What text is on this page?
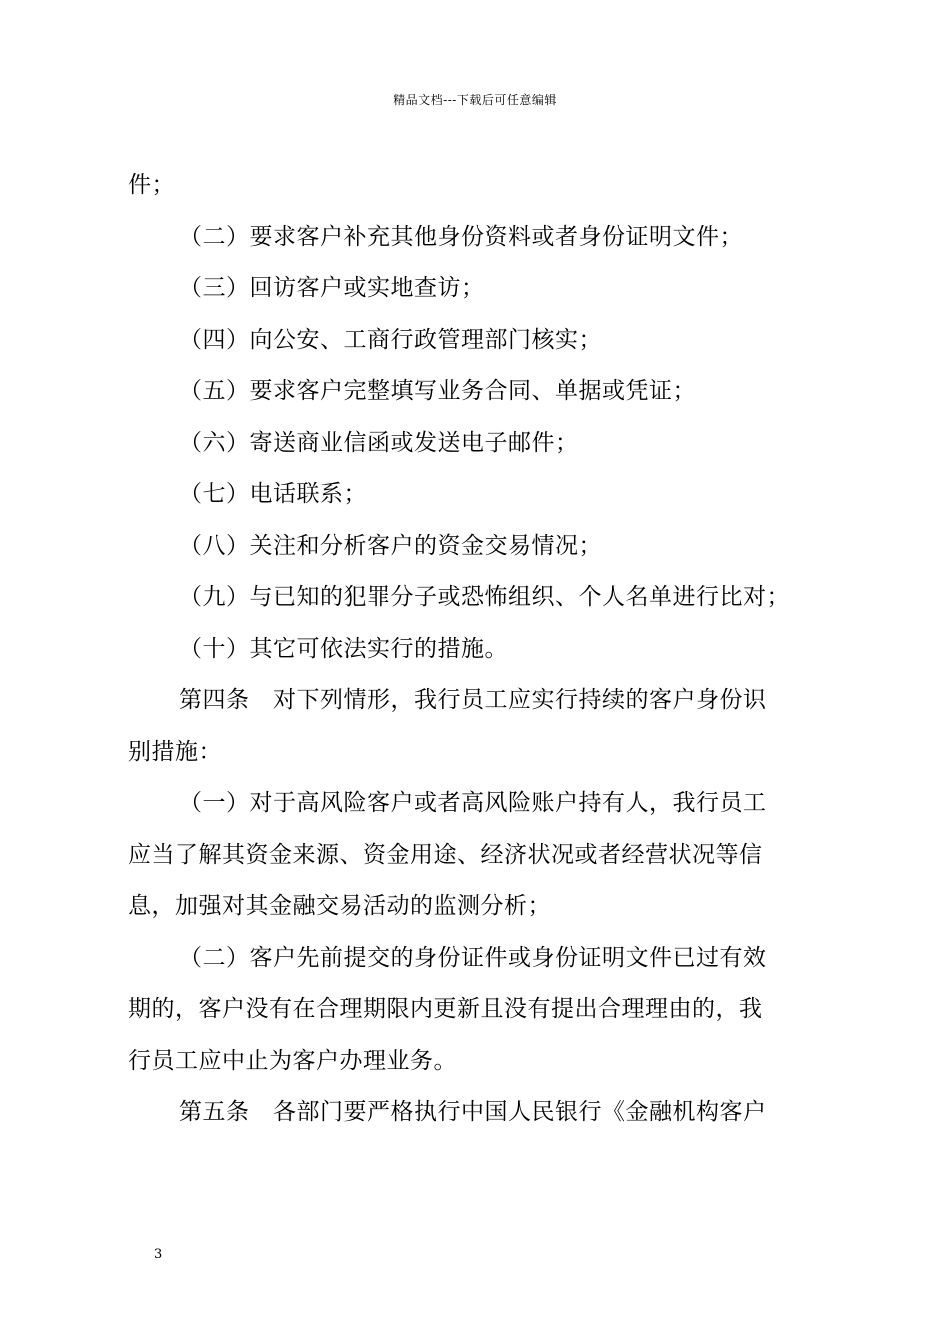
精品文档---下载后可任意编辑

件；

（二）要求客户补充其他身份资料或者身份证明文件；

（三）回访客户或实地查访；

（四）向公安、工商行政管理部门核实；

（五）要求客户完整填写业务合同、单据或凭证；

（六）寄送商业信函或发送电子邮件；

（七）电话联系；

（八）关注和分析客户的资金交易情况；

（九）与已知的犯罪分子或恐怖组织、个人名单进行比对；

（十）其它可依法实行的措施。

第四条　对下列情形，我行员工应实行持续的客户身份识

别措施：

（一）对于高风险客户或者高风险账户持有人，我行员工

应当了解其资金来源、资金用途、经济状况或者经营状况等信

息，加强对其金融交易活动的监测分析；

（二）客户先前提交的身份证件或身份证明文件已过有效

期的，客户没有在合理期限内更新且没有提出合理理由的，我

行员工应中止为客户办理业务。

第五条　各部门要严格执行中国人民银行《金融机构客户

3
